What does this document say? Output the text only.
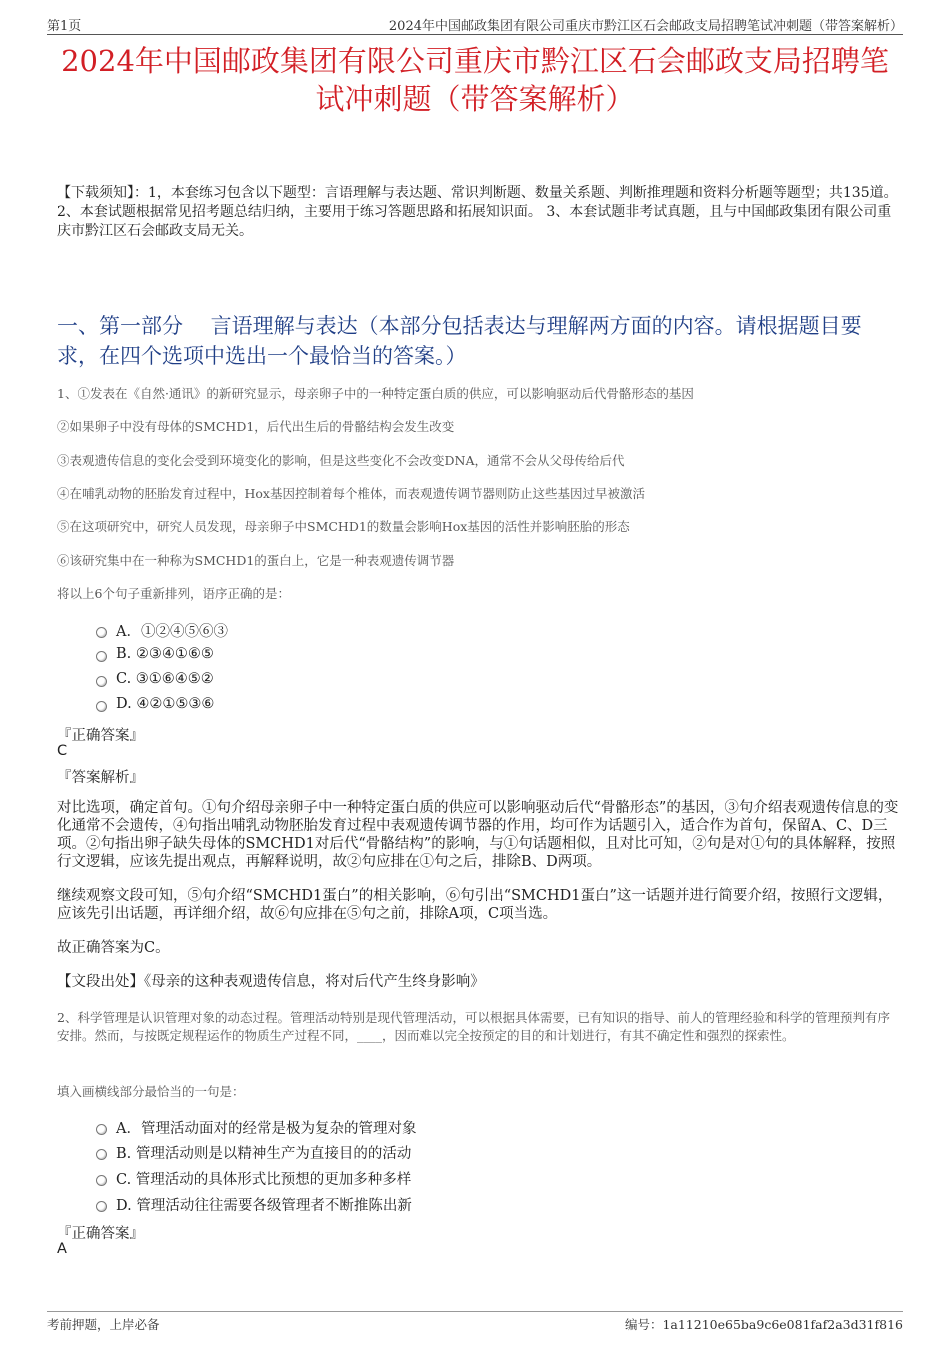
第1页	2024年中国邮政集团有限公司重庆市黔江区石会邮政支局招聘笔试冲刺题（带答案解析）
2024年中国邮政集团有限公司重庆市黔江区石会邮政支局招聘笔试冲刺题（带答案解析）
【下载须知】：1，本套练习包含以下题型：言语理解与表达题、常识判断题、数量关系题、判断推理题和资料分析题等题型；共135道。 2、本套试题根据常见招考题总结归纳，主要用于练习答题思路和拓展知识面。 3、本套试题非考试真题，且与中国邮政集团有限公司重庆市黔江区石会邮政支局无关。
一、第一部分　 言语理解与表达（本部分包括表达与理解两方面的内容。请根据题目要求，在四个选项中选出一个最恰当的答案。）
1、①发表在《自然·通讯》的新研究显示，母亲卵子中的一种特定蛋白质的供应，可以影响驱动后代骨骼形态的基因
②如果卵子中没有母体的SMCHD1，后代出生后的骨骼结构会发生改变
③表观遗传信息的变化会受到环境变化的影响，但是这些变化不会改变DNA，通常不会从父母传给后代
④在哺乳动物的胚胎发育过程中，Hox基因控制着每个椎体，而表观遗传调节器则防止这些基因过早被激活
⑤在这项研究中，研究人员发现，母亲卵子中SMCHD1的数量会影响Hox基因的活性并影响胚胎的形态
⑥该研究集中在一种称为SMCHD1的蛋白上，它是一种表观遗传调节器
将以上6个句子重新排列，语序正确的是：
A．①②④⑤⑥③
B. ②③④①⑥⑤
C. ③①⑥④⑤②
D. ④②①⑤③⑥
『正确答案』
C
『答案解析』
对比选项，确定首句。①句介绍母亲卵子中一种特定蛋白质的供应可以影响驱动后代“骨骼形态”的基因，③句介绍表观遗传信息的变化通常不会遗传，④句指出哺乳动物胚胎发育过程中表观遗传调节器的作用，均可作为话题引入，适合作为首句，保留A、C、D三项。②句指出卵子缺失母体的SMCHD1对后代“骨骼结构”的影响，与①句话题相似，且对比可知，②句是对①句的具体解释，按照行文逻辑，应该先提出观点，再解释说明，故②句应排在①句之后，排除B、D两项。
继续观察文段可知，⑤句介绍“SMCHD1蛋白”的相关影响，⑥句引出“SMCHD1蛋白”这一话题并进行简要介绍，按照行文逻辑，应该先引出话题，再详细介绍，故⑥句应排在⑤句之前，排除A项，C项当选。
故正确答案为C。
【文段出处】《母亲的这种表观遗传信息，将对后代产生终身影响》
2、科学管理是认识管理对象的动态过程。管理活动特别是现代管理活动，可以根据具体需要，已有知识的指导、前人的管理经验和科学的管理预判有序安排。然而，与按既定规程运作的物质生产过程不同，____，因而难以完全按预定的目的和计划进行，有其不确定性和强烈的探索性。
填入画横线部分最恰当的一句是：
A．管理活动面对的经常是极为复杂的管理对象
B. 管理活动则是以精神生产为直接目的的活动
C. 管理活动的具体形式比预想的更加多种多样
D. 管理活动往往需要各级管理者不断推陈出新
『正确答案』
A
考前押题，上岸必备	编号：1a11210e65ba9c6e081faf2a3d31f816
